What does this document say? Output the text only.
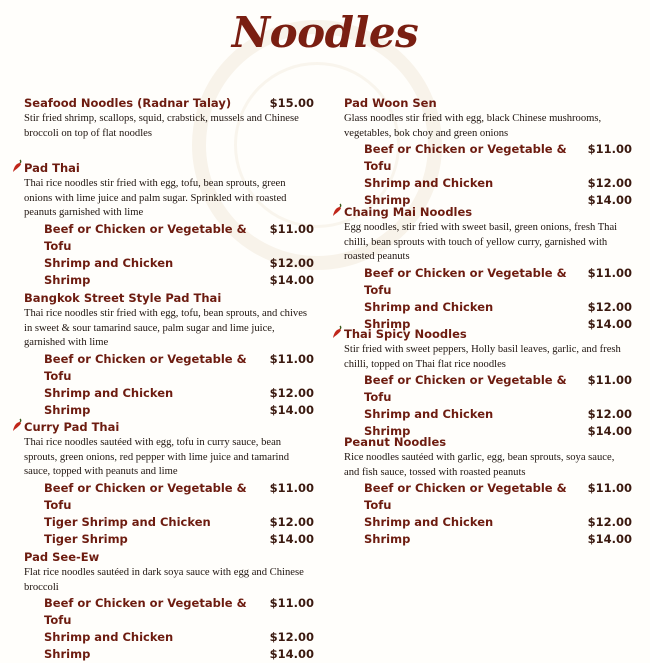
Noodles
Seafood Noodles (Radnar Talay)	$15.00
Stir fried shrimp, scallops, squid, crabstick, mussels and Chinese broccoli on top of flat noodles
Pad Thai
Thai rice noodles stir fried with egg, tofu, bean sprouts, green onions with lime juice and palm sugar. Sprinkled with roasted peanuts garnished with lime
Beef or Chicken or Vegetable & Tofu
$11.00
Shrimp and Chicken	$12.00
Shrimp	$14.00
Bangkok Street Style Pad Thai
Thai rice noodles stir fried with egg, tofu, bean sprouts, and chives in sweet & sour tamarind sauce, palm sugar and lime juice, garnished with lime
Beef or Chicken or Vegetable & Tofu
$11.00
Shrimp and Chicken	$12.00
Shrimp	$14.00
Curry Pad Thai
Thai rice noodles sautéed with egg, tofu in curry sauce, bean sprouts, green onions, red pepper with lime juice and tamarind sauce, topped with peanuts and lime
Beef or Chicken or Vegetable & Tofu
$11.00
Tiger Shrimp and Chicken	$12.00
Tiger Shrimp	$14.00
Pad See-Ew
Flat rice noodles sautéed in dark soya sauce with egg and Chinese broccoli
Beef or Chicken or Vegetable & Tofu
$11.00
Shrimp and Chicken	$12.00
Shrimp	$14.00
Pad Woon Sen
Glass noodles stir fried with egg, black Chinese mushrooms, vegetables, bok choy and green onions
Beef or Chicken or Vegetable & Tofu
$11.00
Shrimp and Chicken	$12.00
Shrimp	$14.00
Chaing Mai Noodles
Egg noodles, stir fried with sweet basil, green onions, fresh Thai chilli, bean sprouts with touch of yellow curry, garnished with roasted peanuts
Beef or Chicken or Vegetable & Tofu
$11.00
Shrimp and Chicken	$12.00
Shrimp	$14.00
Thai Spicy Noodles
Stir fried with sweet peppers, Holly basil leaves, garlic, and fresh chilli, topped on Thai flat rice noodles
Beef or Chicken or Vegetable & Tofu
$11.00
Shrimp and Chicken	$12.00
Shrimp	$14.00
Peanut Noodles
Rice noodles sautéed with garlic, egg, bean sprouts, soya sauce, and fish sauce, tossed with roasted peanuts
Beef or Chicken or Vegetable & Tofu
$11.00
Shrimp and Chicken	$12.00
Shrimp	$14.00
